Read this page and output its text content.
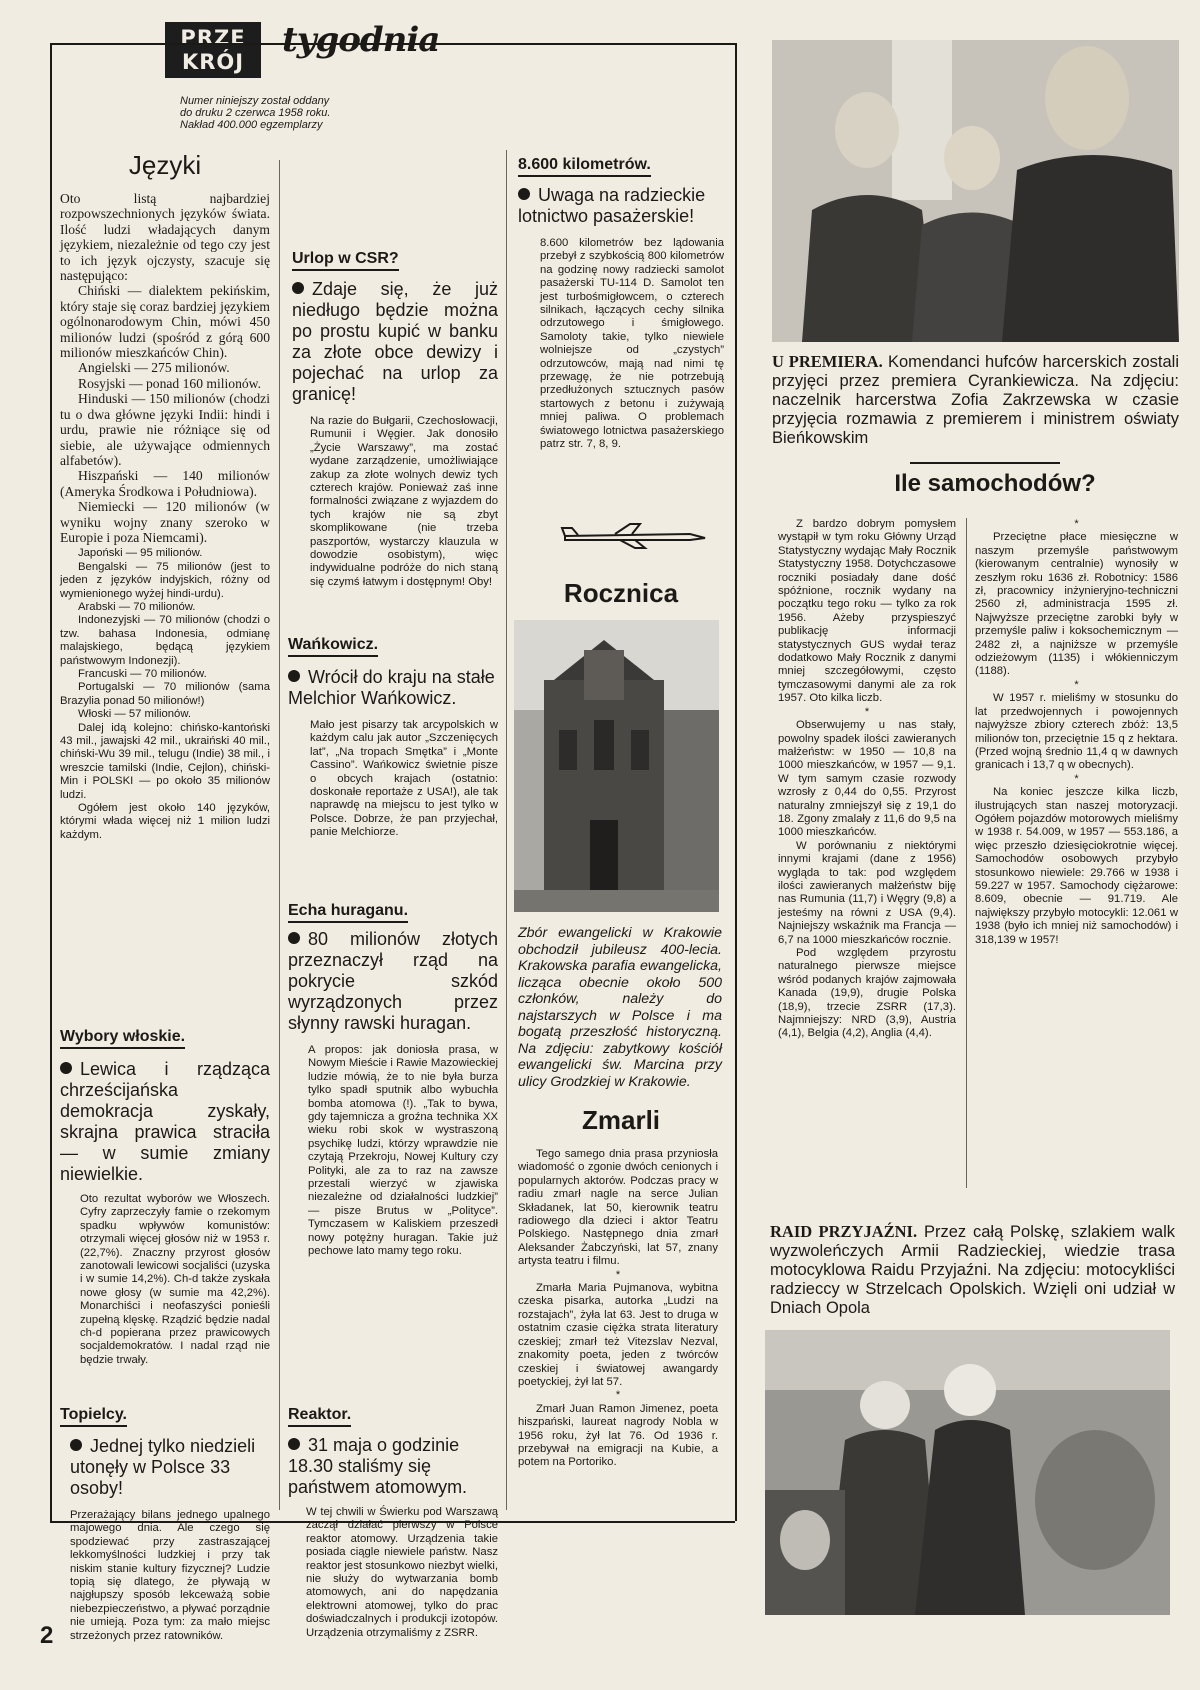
PRZE
KRÓJ
tygodnia
Numer niniejszy został oddany
do druku 2 czerwca 1958 roku.
Nakład 400.000 egzemplarzy
Języki
Oto listą najbardziej rozpowszechnionych języków świata. Ilość ludzi władających danym językiem, niezależnie od tego czy jest to ich język ojczysty, szacuje się następująco:

Chiński — dialektem pekińskim, który staje się coraz bardziej językiem ogólnonarodowym Chin, mówi 450 milionów ludzi (spośród z górą 600 milionów mieszkańców Chin).

Angielski — 275 milionów.

Rosyjski — ponad 160 milionów.

Hinduski — 150 milionów (chodzi tu o dwa główne języki Indii: hindi i urdu, prawie nie różniące się od siebie, ale używające odmiennych alfabetów).

Hiszpański — 140 milionów (Ameryka Środkowa i Południowa).

Niemiecki — 120 milionów (w wyniku wojny znany szeroko w Europie i poza Niemcami).

Japoński — 95 milionów.

Bengalski — 75 milionów (jest to jeden z języków indyjskich, różny od wymienionego wyżej hindi-urdu).

Arabski — 70 milionów.

Indonezyjski — 70 milionów (chodzi o tzw. bahasa Indonesia, odmianę malajskiego, będącą językiem państwowym Indonezji).

Francuski — 70 milionów.

Portugalski — 70 milionów (sama Brazylia ponad 50 milionów!)

Włoski — 57 milionów.

Dalej idą kolejno: chińsko-kantoński 43 mil., jawajski 42 mil., ukraiński 40 mil., chiński-Wu 39 mil., telugu (Indie) 38 mil., i wreszcie tamilski (Indie, Cejlon), chiński-Min i POLSKI — po około 35 milionów ludzi.

Ogółem jest około 140 języków, którymi włada więcej niż 1 milion ludzi każdym.

Wybory włoskie.
Lewica i rządząca chrześcijańska demokracja zyskały, skrajna prawica straciła — w sumie zmiany niewielkie.
Oto rezultat wyborów we Włoszech. Cyfry zaprzeczyły famie o rzekomym spadku wpływów komunistów: otrzymali więcej głosów niż w 1953 r. (22,7%). Znaczny przyrost głosów zanotowali lewicowi socjaliści (uzyska i w sumie 14,2%). Ch-d także zyskała nowe głosy (w sumie ma 42,2%). Monarchiści i neofaszyści ponieśli zupełną klęskę. Rządzić będzie nadal ch-d popierana przez prawicowych socjaldemokratów. I nadal rząd nie będzie trwały.
Topielcy.
Jednej tylko niedzieli utonęły w Polsce 33 osoby!
Przerażający bilans jednego upalnego majowego dnia. Ale czego się spodziewać przy zastraszającej lekkomyślności ludzkiej i przy tak niskim stanie kultury fizycznej? Ludzie topią się dlatego, że pływają w najgłupszy sposób lekceważą sobie niebezpieczeństwo, a pływać porządnie nie umieją. Poza tym: za mało miejsc strzeżonych przez ratowników.
Urlop w CSR?
Zdaje się, że już niedługo będzie można po prostu kupić w banku za złote obce dewizy i pojechać na urlop za granicę!
Na razie do Bułgarii, Czechosłowacji, Rumunii i Węgier. Jak donosiło „Życie Warszawy”, ma zostać wydane zarządzenie, umożliwiające zakup za złote wolnych dewiz tych czterech krajów. Ponieważ zaś inne formalności związane z wyjazdem do tych krajów nie są zbyt skomplikowane (nie trzeba paszportów, wystarczy klauzula w dowodzie osobistym), więc indywidualne podróże do nich staną się czymś łatwym i dostępnym! Oby!
Wańkowicz.
Wrócił do kraju na stałe Melchior Wańkowicz.
Mało jest pisarzy tak arcypolskich w każdym calu jak autor „Szczenięcych lat”, „Na tropach Smętka” i „Monte Cassino”. Wańkowicz świetnie pisze o obcych krajach (ostatnio: doskonałe reportaże z USA!), ale tak naprawdę na miejscu to jest tylko w Polsce. Dobrze, że pan przyjechał, panie Melchiorze.
Echa huraganu.
80 milionów złotych przeznaczył rząd na pokrycie szkód wyrządzonych przez słynny rawski huragan.
A propos: jak doniosła prasa, w Nowym Mieście i Rawie Mazowieckiej ludzie mówią, że to nie była burza tylko spadł sputnik albo wybuchła bomba atomowa (!). „Tak to bywa, gdy tajemnicza a groźna technika XX wieku robi skok w wystraszoną psychikę ludzi, którzy wprawdzie nie czytają Przekroju, Nowej Kultury czy Polityki, ale za to raz na zawsze przestali wierzyć w zjawiska niezależne od działalności ludzkiej” — pisze Brutus w „Polityce”. Tymczasem w Kaliskiem przeszedł nowy potężny huragan. Takie już pechowe lato mamy tego roku.
Reaktor.
31 maja o godzinie 18.30 staliśmy się państwem atomowym.
W tej chwili w Świerku pod Warszawą zaczął działać pierwszy w Polsce reaktor atomowy. Urządzenia takie posiada ciągle niewiele państw. Nasz reaktor jest stosunkowo niezbyt wielki, nie służy do wytwarzania bomb atomowych, ani do napędzania elektrowni atomowej, tylko do prac doświadczalnych i produkcji izotopów. Urządzenia otrzymaliśmy z ZSRR.
8.600 kilometrów.
Uwaga na radzieckie lotnictwo pasażerskie!
8.600 kilometrów bez lądowania przebył z szybkością 800 kilometrów na godzinę nowy radziecki samolot pasażerski TU-114 D. Samolot ten jest turbośmigłowcem, o czterech silnikach, łączących cechy silnika odrzutowego i śmigłowego. Samoloty takie, tylko niewiele wolniejsze od „czystych” odrzutowców, mają nad nimi tę przewagę, że nie potrzebują przedłużonych sztucznych pasów startowych z betonu i zużywają mniej paliwa. O problemach światowego lotnictwa pasażerskiego patrz str. 7, 8, 9.
Rocznica
Zbór ewangelicki w Krakowie obchodził jubileusz 400-lecia. Krakowska parafia ewangelicka, licząca obecnie około 500 członków, należy do najstarszych w Polsce i ma bogatą przeszłość historyczną. Na zdjęciu: zabytkowy kościół ewangelicki św. Marcina przy ulicy Grodzkiej w Krakowie.
Zmarli

Tego samego dnia prasa przyniosła wiadomość o zgonie dwóch cenionych i popularnych aktorów. Podczas pracy w radiu zmarł nagle na serce Julian Składanek, lat 50, kierownik teatru radiowego dla dzieci i aktor Teatru Polskiego. Następnego dnia zmarł Aleksander Żabczyński, lat 57, znany artysta teatru i filmu.

*

Zmarła Maria Pujmanova, wybitna czeska pisarka, autorka „Ludzi na rozstajach”, żyła lat 63. Jest to druga w ostatnim czasie ciężka strata literatury czeskiej; zmarł też Vitezslav Nezval, znakomity poeta, jeden z twórców czeskiej i światowej awangardy poetyckiej, żył lat 57.

*

Zmarł Juan Ramon Jimenez, poeta hiszpański, laureat nagrody Nobla w 1956 roku, żył lat 76. Od 1936 r. przebywał na emigracji na Kubie, a potem na Portoriko.

U PREMIERA. Komendanci hufców harcerskich zostali przyjęci przez premiera Cyrankiewicza. Na zdjęciu: naczelnik harcerstwa Zofia Zakrzewska w czasie przyjęcia rozmawia z premierem i ministrem oświaty Bieńkowskim
Ile samochodów?

Z bardzo dobrym pomysłem wystąpił w tym roku Główny Urząd Statystyczny wydając Mały Rocznik Statystyczny 1958. Dotychczasowe roczniki posiadały dane dość spóźnione, rocznik wydany na początku tego roku — tylko za rok 1956. Ażeby przyspieszyć publikację informacji statystycznych GUS wydał teraz dodatkowo Mały Rocznik z danymi mniej szczegółowymi, często tymczasowymi danymi ale za rok 1957. Oto kilka liczb.

*

Obserwujemy u nas stały, powolny spadek ilości zawieranych małżeństw: w 1950 — 10,8 na 1000 mieszkańców, w 1957 — 9,1. W tym samym czasie rozwody wzrosły z 0,44 do 0,55. Przyrost naturalny zmniejszył się z 19,1 do 18. Zgony zmalały z 11,6 do 9,5 na 1000 mieszkańców.

W porównaniu z niektórymi innymi krajami (dane z 1956) wygląda to tak: pod względem ilości zawieranych małżeństw biję nas Rumunia (11,7) i Węgry (9,8) a jesteśmy na równi z USA (9,4). Najniejszy wskaźnik ma Francja — 6,7 na 1000 mieszkańców rocznie.

Pod względem przyrostu naturalnego pierwsze miejsce wśród podanych krajów zajmowała Kanada (19,9), drugie Polska (18,9), trzecie ZSRR (17,3). Najmniejszy: NRD (3,9), Austria (4,1), Belgia (4,2), Anglia (4,4).

*

Przeciętne płace miesięczne w naszym przemyśle państwowym (kierowanym centralnie) wynosiły w zeszłym roku 1636 zł. Robotnicy: 1586 zł, pracownicy inżynieryjno-techniczni 2560 zł, administracja 1595 zł. Najwyższe przeciętne zarobki były w przemyśle paliw i koksochemicznym — 2482 zł, a najniższe w przemyśle odzieżowym (1135) i włókienniczym (1188).

*

W 1957 r. mieliśmy w stosunku do lat przedwojennych i powojennych najwyższe zbiory czterech zbóż: 13,5 milionów ton, przeciętnie 15 q z hektara. (Przed wojną średnio 11,4 q w dawnych granicach i 13,7 q w obecnych).

*

Na koniec jeszcze kilka liczb, ilustrujących stan naszej motoryzacji. Ogółem pojazdów motorowych mieliśmy w 1938 r. 54.009, w 1957 — 553.186, a więc przeszło dziesięciokrotnie więcej. Samochodów osobowych przybyło stosunkowo niewiele: 29.766 w 1938 i 59.227 w 1957. Samochody ciężarowe: 8.609, obecnie — 91.719. Ale największy przybyło motocykli: 12.061 w 1938 (było ich mniej niż samochodów) i 318,139 w 1957!

RAID PRZYJAŹNI. Przez całą Polskę, szlakiem walk wyzwoleńczych Armii Radzieckiej, wiedzie trasa motocyklowa Raidu Przyjaźni. Na zdjęciu: motocykliści radzieccy w Strzelcach Opolskich. Wzięli oni udział w Dniach Opola
2
